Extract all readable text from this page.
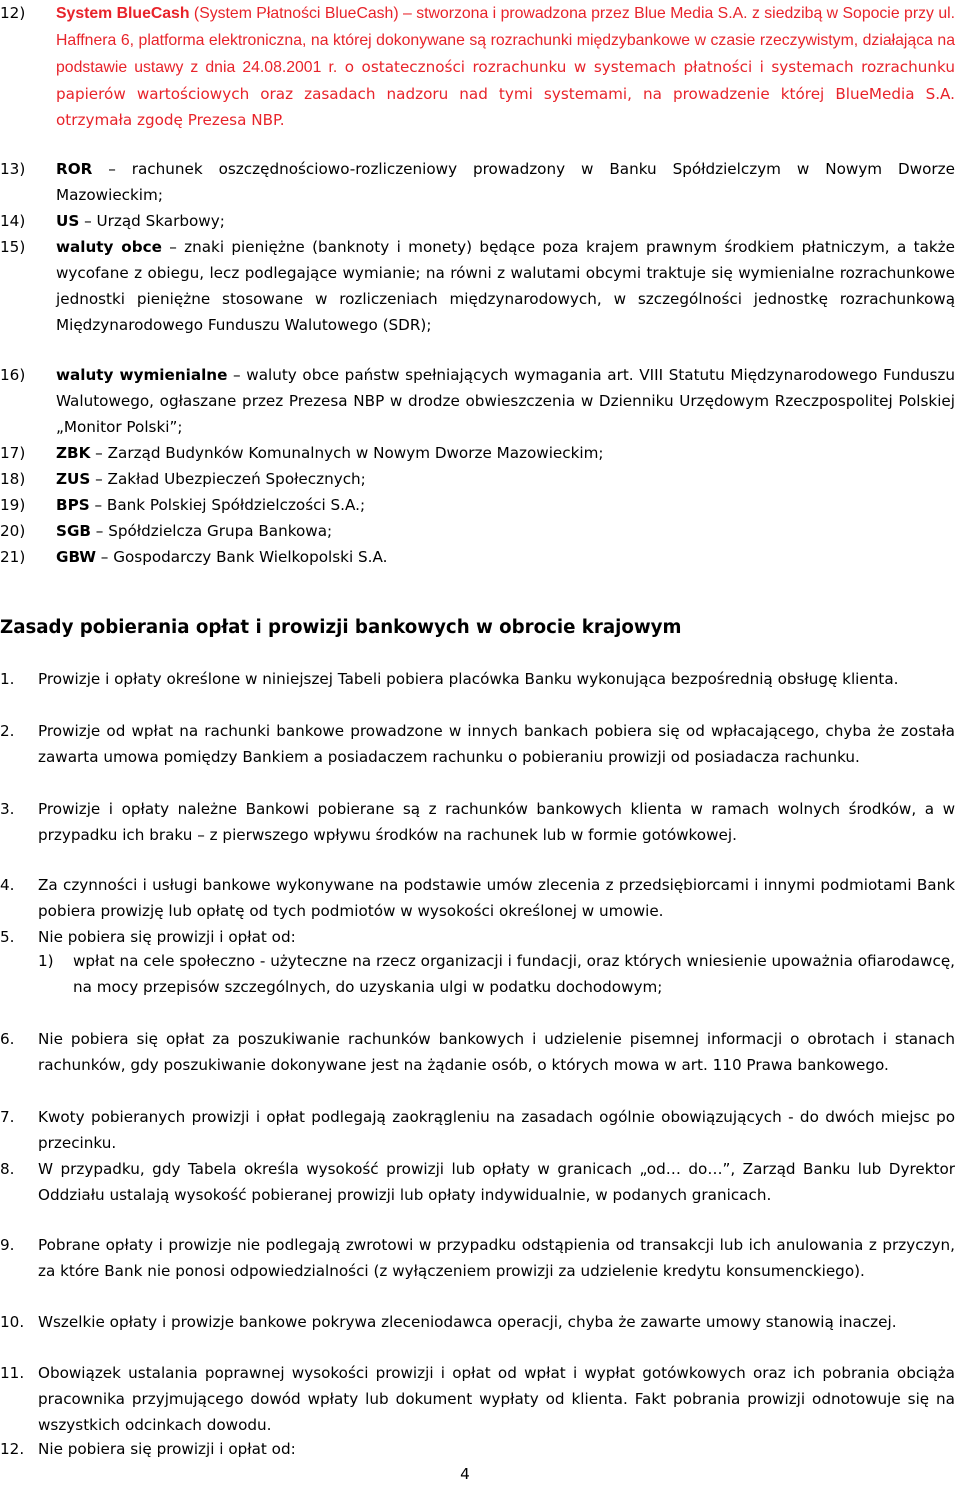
12)	System BlueCash (System Płatności BlueCash) – stworzona i prowadzona przez Blue Media S.A. z siedzibą w Sopocie przy ul. Haffnera 6, platforma elektroniczna, na której dokonywane są rozrachunki międzybankowe w czasie rzeczywistym, działająca na podstawie ustawy z dnia 24.08.2001 r. o ostateczności rozrachunku w systemach płatności i systemach rozrachunku papierów wartościowych oraz zasadach nadzoru nad tymi systemami, na prowadzenie której BlueMedia S.A. otrzymała zgodę Prezesa NBP.
13)	ROR – rachunek oszczędnościowo-rozliczeniowy prowadzony w Banku Spółdzielczym w Nowym Dworze Mazowieckim;
14)	US – Urząd Skarbowy;
15)	waluty obce – znaki pieniężne (banknoty i monety) będące poza krajem prawnym środkiem płatniczym, a także wycofane z obiegu, lecz podlegające wymianie; na równi z walutami obcymi traktuje się wymienialne rozrachunkowe jednostki pieniężne stosowane w rozliczeniach międzynarodowych, w szczególności jednostkę rozrachunkową Międzynarodowego Funduszu Walutowego (SDR);
16)	waluty wymienialne – waluty obce państw spełniających wymagania art. VIII Statutu Międzynarodowego Funduszu Walutowego, ogłaszane przez Prezesa NBP w drodze obwieszczenia w Dzienniku Urzędowym Rzeczpospolitej Polskiej „Monitor Polski”;
17)	ZBK – Zarząd Budynków Komunalnych w Nowym Dworze Mazowieckim;
18)	ZUS – Zakład Ubezpieczeń Społecznych;
19)	BPS – Bank Polskiej Spółdzielczości S.A.;
20)	SGB – Spółdzielcza Grupa Bankowa;
21)	GBW – Gospodarczy Bank Wielkopolski S.A.
Zasady pobierania opłat i prowizji bankowych w obrocie krajowym
1.	Prowizje i opłaty określone w niniejszej Tabeli pobiera placówka Banku wykonująca bezpośrednią obsługę klienta.
2.	Prowizje od wpłat na rachunki bankowe prowadzone w innych bankach pobiera się od wpłacającego, chyba że została zawarta umowa pomiędzy Bankiem a posiadaczem rachunku o pobieraniu prowizji od posiadacza rachunku.
3.	Prowizje i opłaty należne Bankowi pobierane są z rachunków bankowych klienta w ramach wolnych środków, a w przypadku ich braku – z pierwszego wpływu środków na rachunek lub w formie gotówkowej.
4.	Za czynności i usługi bankowe wykonywane na podstawie umów zlecenia z przedsiębiorcami i innymi podmiotami Bank pobiera prowizję lub opłatę od tych podmiotów w wysokości określonej w umowie.
5.	Nie pobiera się prowizji i opłat od:
1)	wpłat na cele społeczno - użyteczne na rzecz organizacji i fundacji, oraz których wniesienie upoważnia ofiarodawcę, na mocy przepisów szczególnych, do uzyskania ulgi w podatku dochodowym;
6.	Nie pobiera się opłat za poszukiwanie rachunków bankowych i udzielenie pisemnej informacji o obrotach i stanach rachunków, gdy poszukiwanie dokonywane jest na żądanie osób, o których mowa w art. 110 Prawa bankowego.
7.	Kwoty pobieranych prowizji i opłat podlegają zaokrągleniu na zasadach ogólnie obowiązujących - do dwóch miejsc po przecinku.
8.	W przypadku, gdy Tabela określa wysokość prowizji lub opłaty w granicach „od… do…”, Zarząd Banku lub Dyrektor Oddziału ustalają wysokość pobieranej prowizji lub opłaty indywidualnie, w podanych granicach.
9.	Pobrane opłaty i prowizje nie podlegają zwrotowi w przypadku odstąpienia od transakcji lub ich anulowania z przyczyn, za które Bank nie ponosi odpowiedzialności (z wyłączeniem prowizji za udzielenie kredytu konsumenckiego).
10. Wszelkie opłaty i prowizje bankowe pokrywa zleceniodawca operacji, chyba że zawarte umowy stanowią inaczej.
11. Obowiązek ustalania poprawnej wysokości prowizji i opłat od wpłat i wypłat gotówkowych oraz ich pobrania obciąża pracownika przyjmującego dowód wpłaty lub dokument wypłaty od klienta. Fakt pobrania prowizji odnotowuje się na wszystkich odcinkach dowodu.
12. Nie pobiera się prowizji i opłat od:
4
